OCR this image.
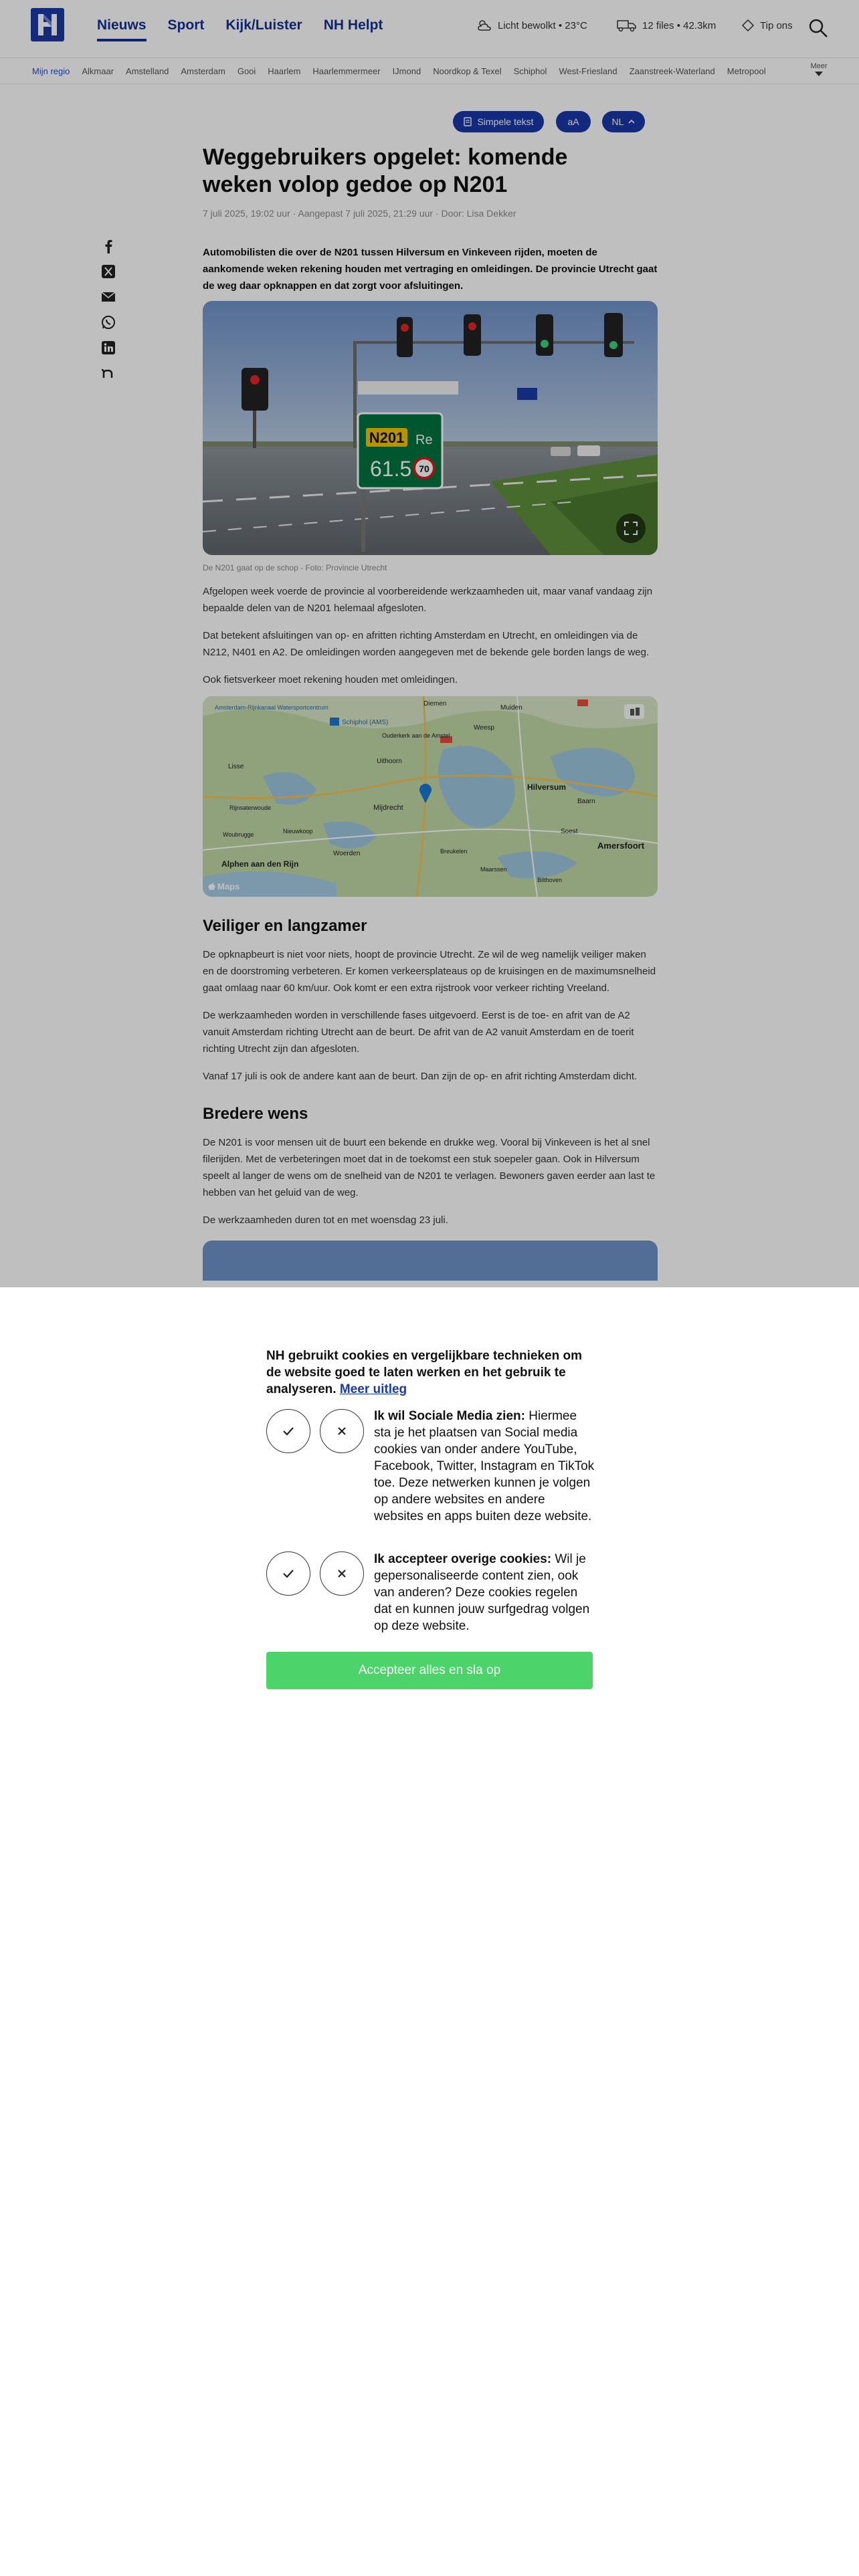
Nieuws Sport Kijk/Luister NH Helpt	Licht bewolkt • 23°C	12 files • 42.3km	Tip ons
Mijn regio Alkmaar Amstelland Amsterdam Gooi Haarlem Haarlemmermeer IJmond Noordkop & Texel Schiphol West-Friesland Zaanstreek-Waterland Metropool	Meer
Simpele tekst	aA	NL
Weggebruikers opgelet: komende weken volop gedoe op N201
7 juli 2025, 19:02 uur · Aangepast 7 juli 2025, 21:29 uur · Door: Lisa Dekker

Automobilisten die over de N201 tussen Hilversum en Vinkeveen rijden, moeten de aankomende weken rekening houden met vertraging en omleidingen. De provincie Utrecht gaat de weg daar opknappen en dat zorgt voor afsluitingen.

N201 Re
61.5 70
De N201 gaat op de schop - Foto: Provincie Utrecht

Afgelopen week voerde de provincie al voorbereidende werkzaamheden uit, maar vanaf vandaag zijn bepaalde delen van de N201 helemaal afgesloten.

Dat betekent afsluitingen van op- en afritten richting Amsterdam en Utrecht, en omleidingen via de N212, N401 en A2. De omleidingen worden aangegeven met de bekende gele borden langs de weg.

Ook fietsverkeer moet rekening houden met omleidingen.

Amsterdam-Rijnkanaal Watersportcentrum
Schiphol (AMS)
Weesp
Muiden
Diemen
Ouderkerk aan de Amstel
Uithoorn
Mijdrecht
Hilversum
Baarn
Soest
Amersfoort
Maarssen
Nieuwkoop
Woerden
Alphen aan den Rijn
Bilthoven
Lisse
Breukelen
Rijnsaterwoude
Woubrugge
Maps
Veiliger en langzamer

De opknapbeurt is niet voor niets, hoopt de provincie Utrecht. Ze wil de weg namelijk veiliger maken en de doorstroming verbeteren. Er komen verkeersplateaus op de kruisingen en de maximumsnelheid gaat omlaag naar 60 km/uur. Ook komt er een extra rijstrook voor verkeer richting Vreeland.

De werkzaamheden worden in verschillende fases uitgevoerd. Eerst is de toe- en afrit van de A2 vanuit Amsterdam richting Utrecht aan de beurt. De afrit van de A2 vanuit Amsterdam en de toerit richting Utrecht zijn dan afgesloten.

Vanaf 17 juli is ook de andere kant aan de beurt. Dan zijn de op- en afrit richting Amsterdam dicht.

Bredere wens

De N201 is voor mensen uit de buurt een bekende en drukke weg. Vooral bij Vinkeveen is het al snel filerijden. Met de verbeteringen moet dat in de toekomst een stuk soepeler gaan. Ook in Hilversum speelt al langer de wens om de snelheid van de N201 te verlagen. Bewoners gaven eerder aan last te hebben van het geluid van de weg.

De werkzaamheden duren tot en met woensdag 23 juli.

NH gebruikt cookies en vergelijkbare technieken om de website goed te laten werken en het gebruik te analyseren. Meer uitleg
Ik wil Sociale Media zien: Hiermee sta je het plaatsen van Social media cookies van onder andere YouTube, Facebook, Twitter, Instagram en TikTok toe. Deze netwerken kunnen je volgen op andere websites en andere websites en apps buiten deze website.
Ik accepteer overige cookies: Wil je gepersonaliseerde content zien, ook van anderen? Deze cookies regelen dat en kunnen jouw surfgedrag volgen op deze website.
Accepteer alles en sla op
